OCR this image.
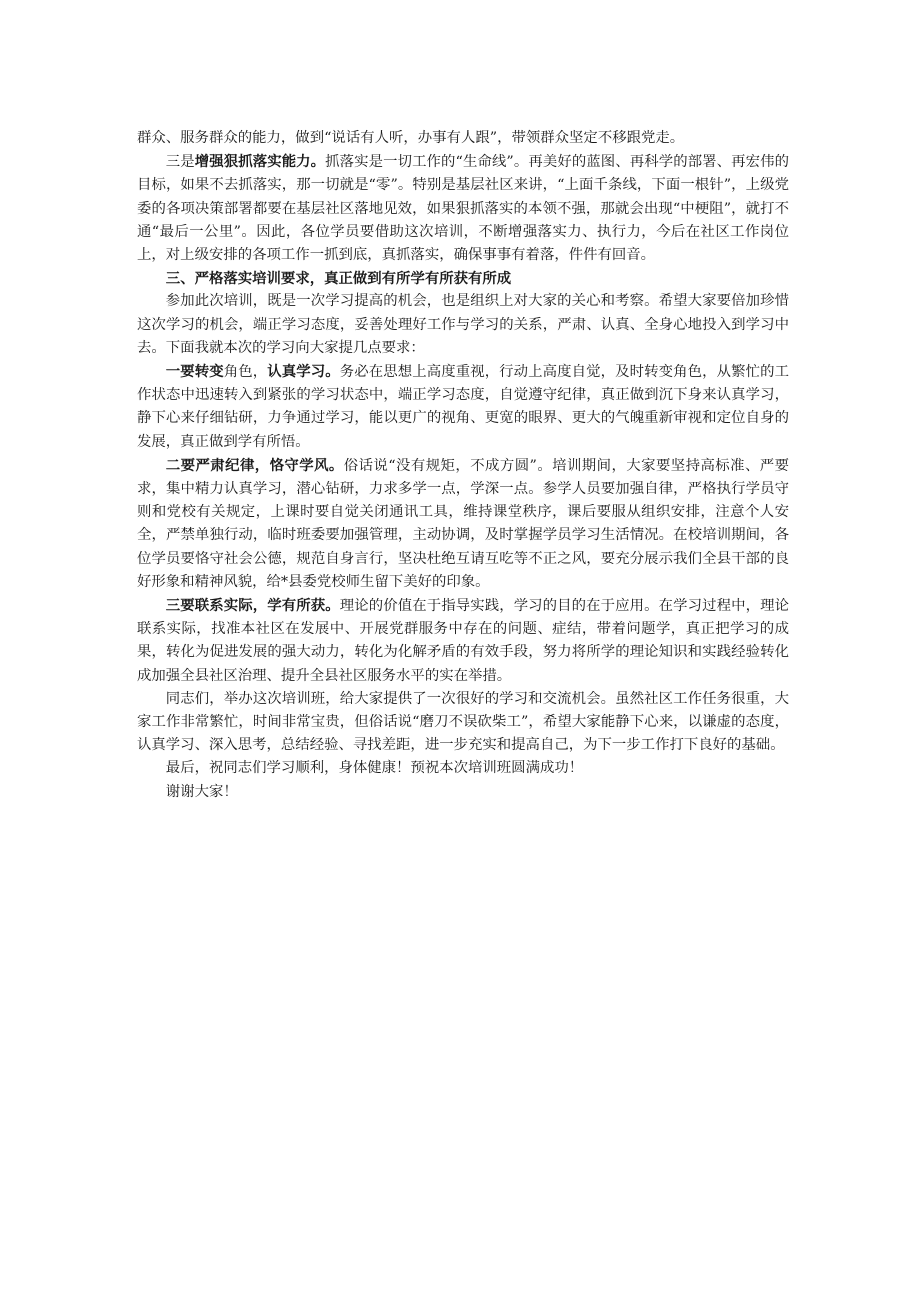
群众、服务群众的能力，做到“说话有人听，办事有人跟”，带领群众坚定不移跟党走。

三是增强狠抓落实能力。抓落实是一切工作的“生命线”。再美好的蓝图、再科学的部署、再宏伟的目标，如果不去抓落实，那一切就是“零”。特别是基层社区来讲，“上面千条线，下面一根针”，上级党委的各项决策部署都要在基层社区落地见效，如果狠抓落实的本领不强，那就会出现“中梗阻”，就打不通“最后一公里”。因此，各位学员要借助这次培训，不断增强落实力、执行力，今后在社区工作岗位上，对上级安排的各项工作一抓到底，真抓落实，确保事事有着落，件件有回音。

三、严格落实培训要求，真正做到有所学有所获有所成

参加此次培训，既是一次学习提高的机会，也是组织上对大家的关心和考察。希望大家要倍加珍惜这次学习的机会，端正学习态度，妥善处理好工作与学习的关系，严肃、认真、全身心地投入到学习中去。下面我就本次的学习向大家提几点要求：

一要转变角色，认真学习。务必在思想上高度重视，行动上高度自觉，及时转变角色，从繁忙的工作状态中迅速转入到紧张的学习状态中，端正学习态度，自觉遵守纪律，真正做到沉下身来认真学习，静下心来仔细钻研，力争通过学习，能以更广的视角、更宽的眼界、更大的气魄重新审视和定位自身的发展，真正做到学有所悟。

二要严肃纪律，恪守学风。俗话说“没有规矩，不成方圆”。培训期间，大家要坚持高标准、严要求，集中精力认真学习，潜心钻研，力求多学一点，学深一点。参学人员要加强自律，严格执行学员守则和党校有关规定，上课时要自觉关闭通讯工具，维持课堂秩序，课后要服从组织安排，注意个人安全，严禁单独行动，临时班委要加强管理，主动协调，及时掌握学员学习生活情况。在校培训期间，各位学员要恪守社会公德，规范自身言行，坚决杜绝互请互吃等不正之风，要充分展示我们全县干部的良好形象和精神风貌，给*县委党校师生留下美好的印象。

三要联系实际，学有所获。理论的价值在于指导实践，学习的目的在于应用。在学习过程中，理论联系实际，找准本社区在发展中、开展党群服务中存在的问题、症结，带着问题学，真正把学习的成果，转化为促进发展的强大动力，转化为化解矛盾的有效手段，努力将所学的理论知识和实践经验转化成加强全县社区治理、提升全县社区服务水平的实在举措。

同志们，举办这次培训班，给大家提供了一次很好的学习和交流机会。虽然社区工作任务很重，大家工作非常繁忙，时间非常宝贵，但俗话说“磨刀不误砍柴工”，希望大家能静下心来，以谦虚的态度，认真学习、深入思考，总结经验、寻找差距，进一步充实和提高自己，为下一步工作打下良好的基础。

最后，祝同志们学习顺利，身体健康！预祝本次培训班圆满成功！

谢谢大家！
